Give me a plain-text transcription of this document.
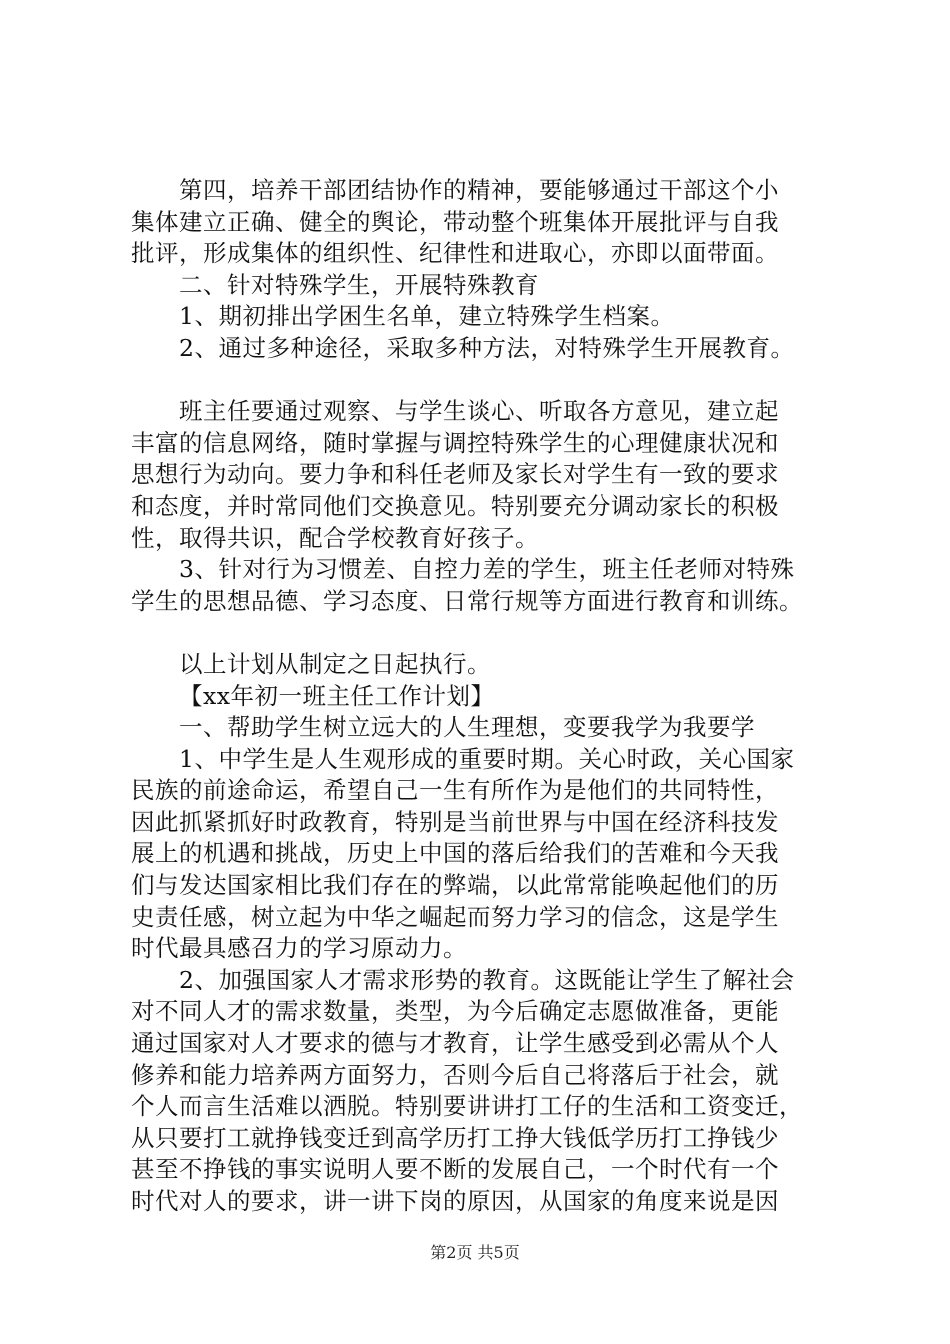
第四，培养干部团结协作的精神，要能够通过干部这个小
集体建立正确、健全的舆论，带动整个班集体开展批评与自我
批评，形成集体的组织性、纪律性和进取心，亦即以面带面。
二、针对特殊学生，开展特殊教育
1、期初排出学困生名单，建立特殊学生档案。
2、通过多种途径，采取多种方法，对特殊学生开展教育。
班主任要通过观察、与学生谈心、听取各方意见，建立起
丰富的信息网络，随时掌握与调控特殊学生的心理健康状况和
思想行为动向。要力争和科任老师及家长对学生有一致的要求
和态度，并时常同他们交换意见。特别要充分调动家长的积极
性，取得共识，配合学校教育好孩子。
3、针对行为习惯差、自控力差的学生，班主任老师对特殊
学生的思想品德、学习态度、日常行规等方面进行教育和训练。
以上计划从制定之日起执行。
【xx年初一班主任工作计划】
一、帮助学生树立远大的人生理想，变要我学为我要学
1、中学生是人生观形成的重要时期。关心时政，关心国家
民族的前途命运，希望自己一生有所作为是他们的共同特性，
因此抓紧抓好时政教育，特别是当前世界与中国在经济科技发
展上的机遇和挑战，历史上中国的落后给我们的苦难和今天我
们与发达国家相比我们存在的弊端，以此常常能唤起他们的历
史责任感，树立起为中华之崛起而努力学习的信念，这是学生
时代最具感召力的学习原动力。
2、加强国家人才需求形势的教育。这既能让学生了解社会
对不同人才的需求数量，类型，为今后确定志愿做准备，更能
通过国家对人才要求的德与才教育，让学生感受到必需从个人
修养和能力培养两方面努力，否则今后自己将落后于社会，就
个人而言生活难以洒脱。特别要讲讲打工仔的生活和工资变迁，
从只要打工就挣钱变迁到高学历打工挣大钱低学历打工挣钱少
甚至不挣钱的事实说明人要不断的发展自己，一个时代有一个
时代对人的要求，讲一讲下岗的原因，从国家的角度来说是因
第2页 共5页
